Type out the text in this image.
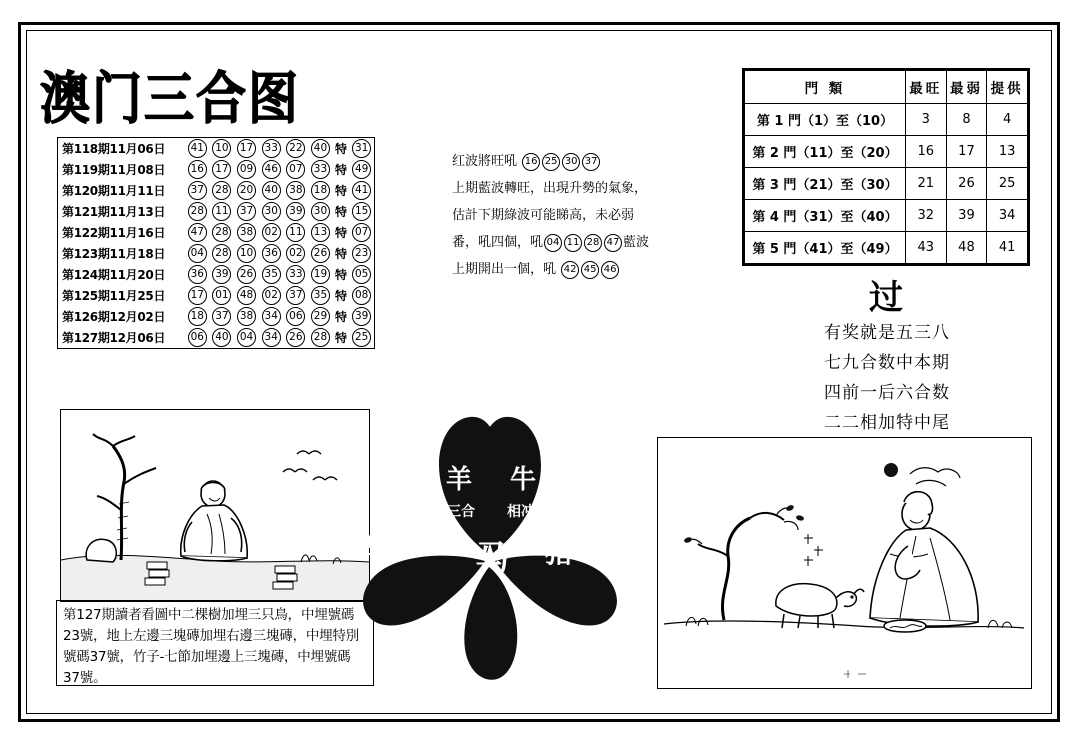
澳门三合图
第118期11月06日	41	10	17	33	22	40	特	31
第119期11月08日	16	17	09	46	07	33	特	49
第120期11月11日	37	28	20	40	38	18	特	41
第121期11月13日	28	11	37	30	39	30	特	15
第122期11月16日	47	28	38	02	11	13	特	07
第123期11月18日	04	28	10	36	02	26	特	23
第124期11月20日	36	39	26	35	33	19	特	05
第125期11月25日	17	01	48	02	37	35	特	08
第126期12月02日	18	37	38	34	06	29	特	39
第127期12月06日	06	40	04	34	26	28	特	25
红波將旺吼 16 25 30 37
上期藍波轉旺，出現升勢的氣象，
估計下期綠波可能睇高，未必弱
番，吼四個，吼 04 11 28 47 藍波
上期開出一個，吼 42 45 46
門 類	最旺	最弱	提供
第 1 門（1）至（10）	3	8	4
第 2 門（11）至（20）	16	17	13
第 3 門（21）至（30）	21	26	25
第 4 門（31）至（40）	32	39	34
第 5 門（41）至（49）	43	48	41
过
有奖就是五三八
七九合数中本期
四前一后六合数
二二相加特中尾
第127期讀者看圖中二棵樹加埋三只鳥，中埋號碼23號，地上左邊三塊磚加埋右邊三塊磚，中埋特別號碼37號，竹子-七節加埋邊上三塊磚，中埋號碼37號。
羊 牛
三合	相冲
兔	猪
六合
马
